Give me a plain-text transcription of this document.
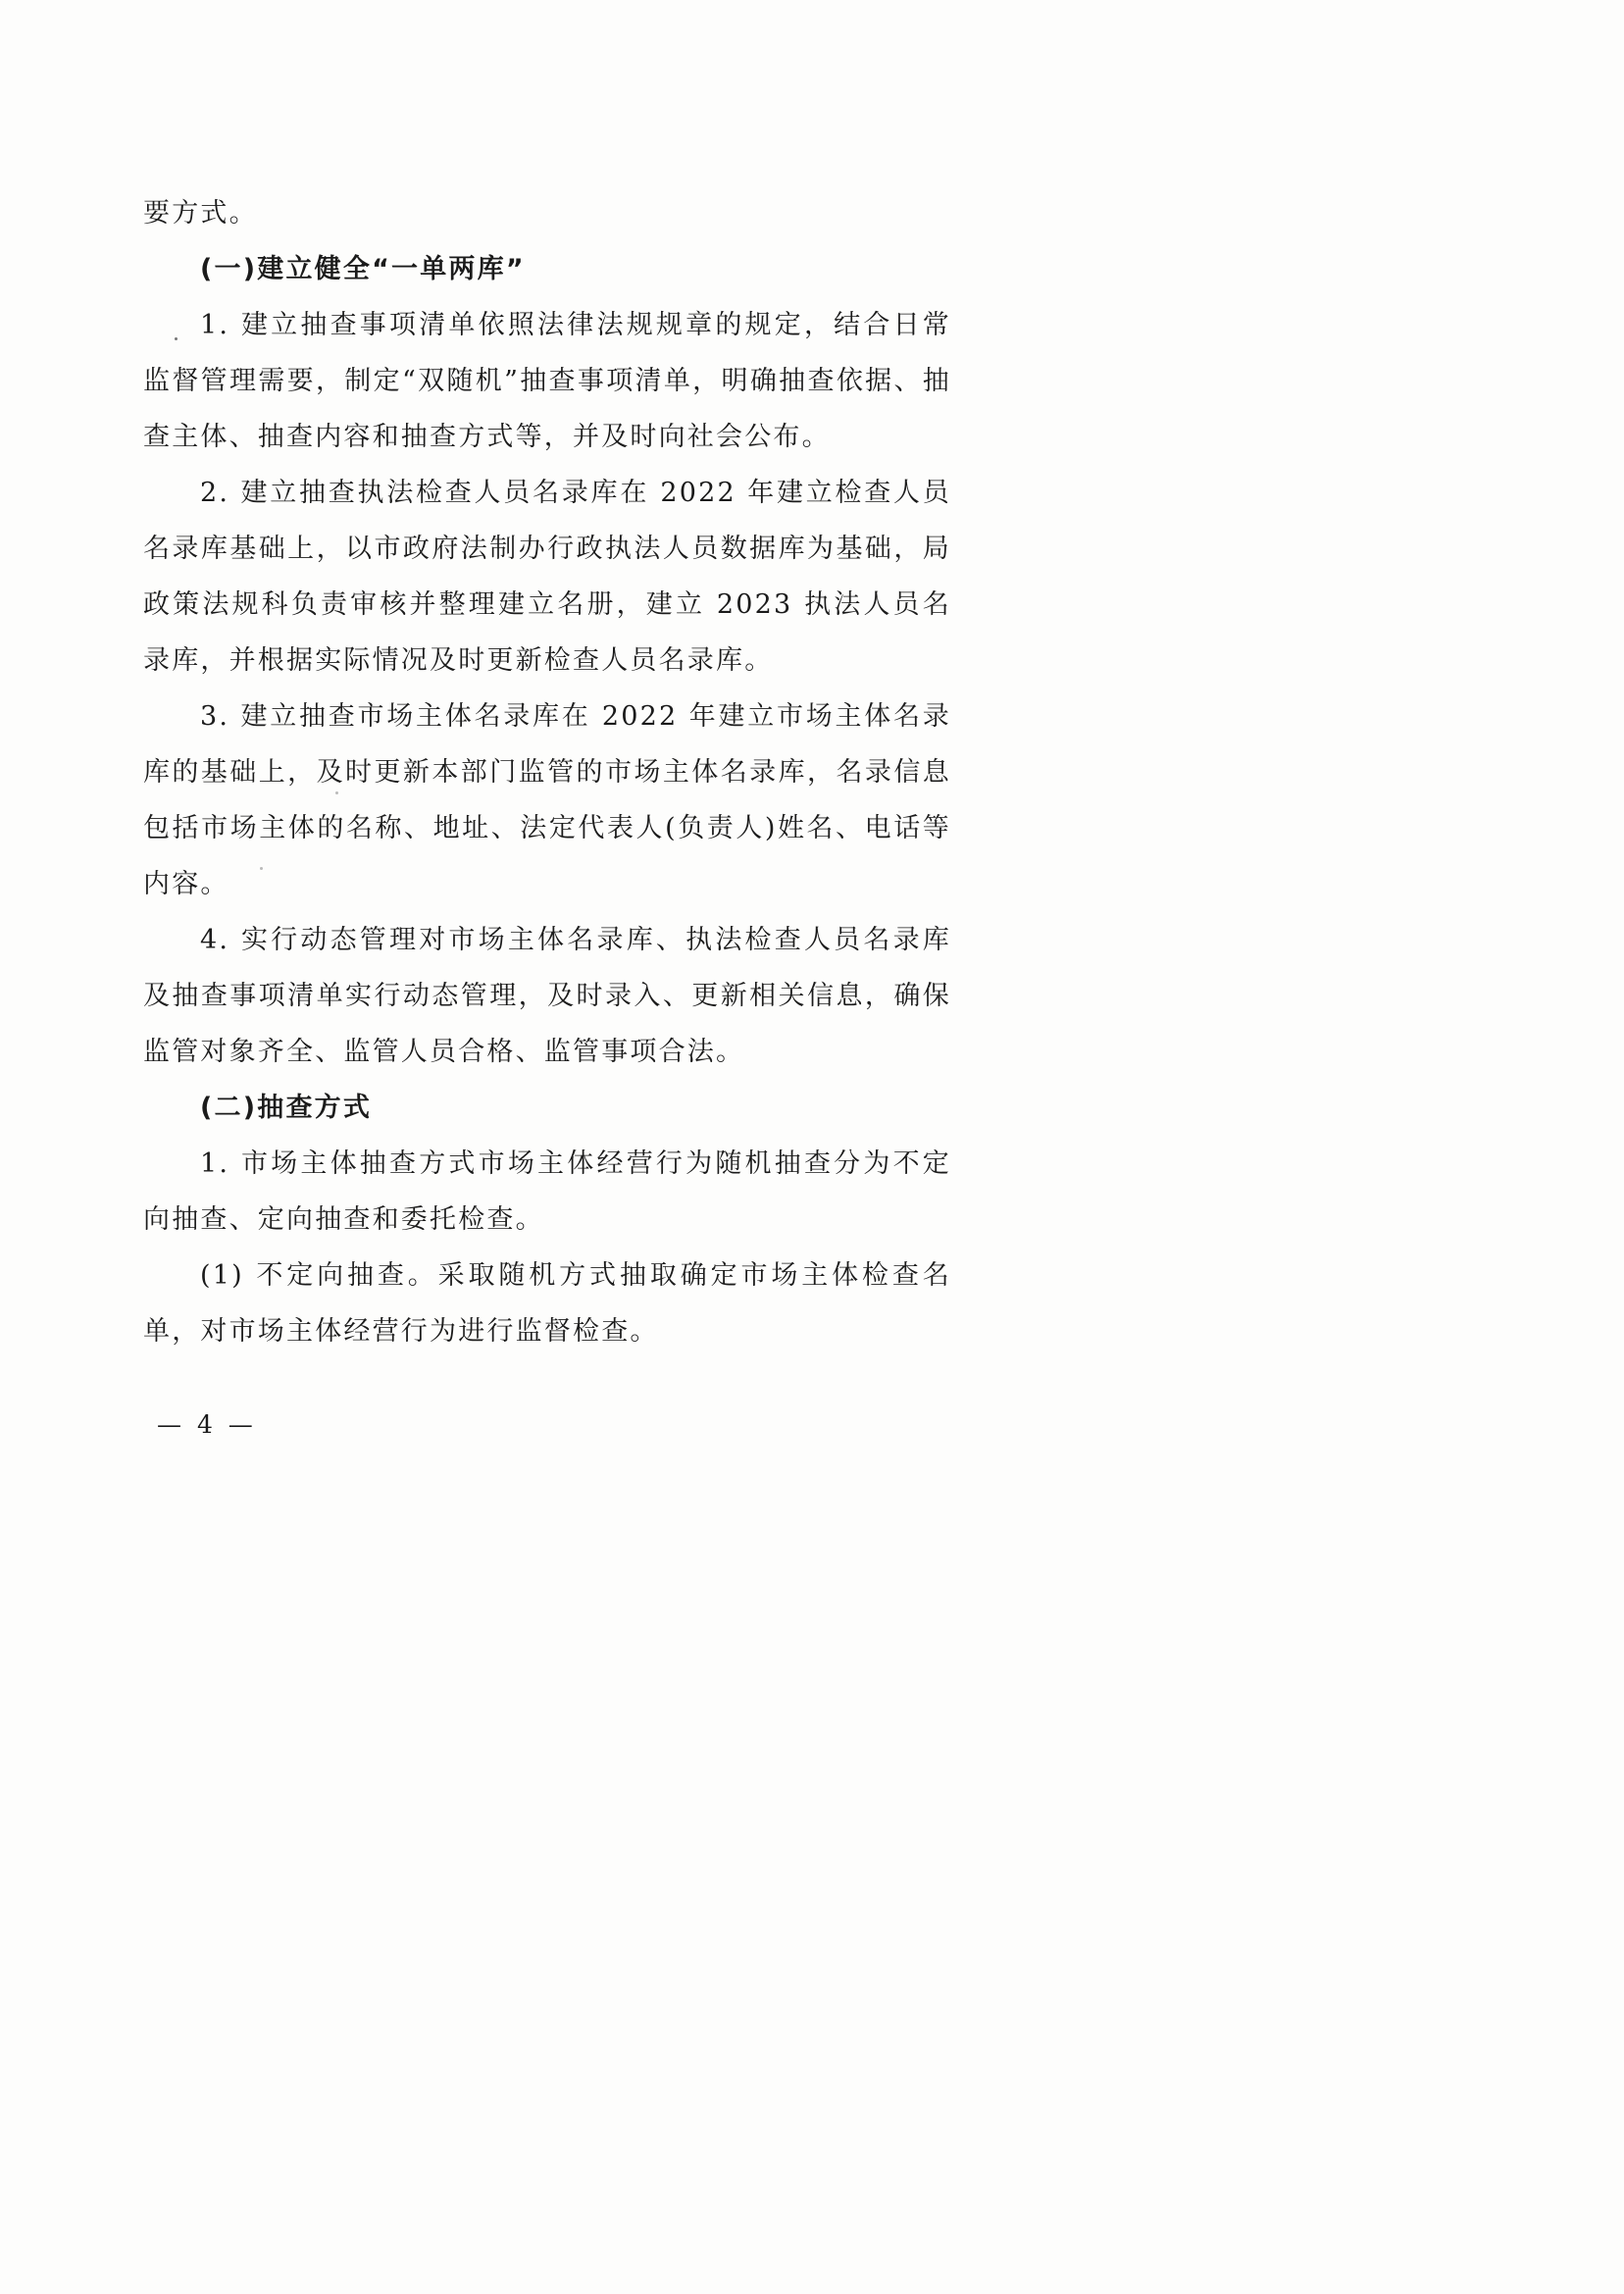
要方式。

(一)建立健全“一单两库”

1. 建立抽查事项清单依照法律法规规章的规定，结合日常监督管理需要，制定“双随机”抽查事项清单，明确抽查依据、抽查主体、抽查内容和抽查方式等，并及时向社会公布。

2. 建立抽查执法检查人员名录库在 2022 年建立检查人员名录库基础上，以市政府法制办行政执法人员数据库为基础，局政策法规科负责审核并整理建立名册，建立 2023 执法人员名录库，并根据实际情况及时更新检查人员名录库。

3. 建立抽查市场主体名录库在 2022 年建立市场主体名录库的基础上，及时更新本部门监管的市场主体名录库，名录信息包括市场主体的名称、地址、法定代表人(负责人)姓名、电话等内容。

4. 实行动态管理对市场主体名录库、执法检查人员名录库及抽查事项清单实行动态管理，及时录入、更新相关信息，确保监管对象齐全、监管人员合格、监管事项合法。

(二)抽查方式

1. 市场主体抽查方式市场主体经营行为随机抽查分为不定向抽查、定向抽查和委托检查。

(1) 不定向抽查。采取随机方式抽取确定市场主体检查名单，对市场主体经营行为进行监督检查。

— 4 —
